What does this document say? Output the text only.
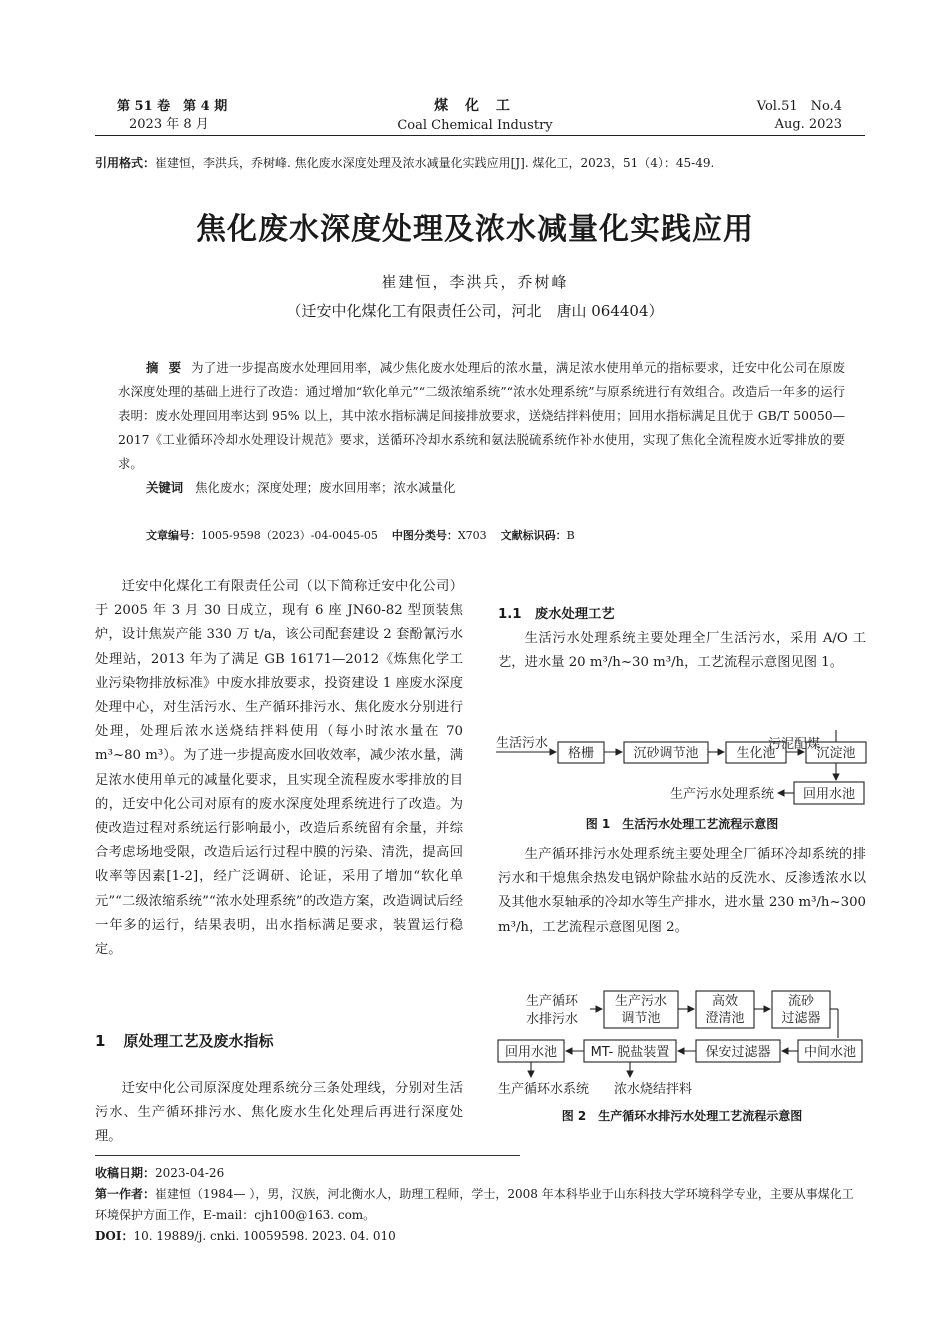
第 51 卷　第 4 期
2023 年 8 月
煤 化 工
Coal Chemical Industry
Vol.51　No.4
Aug. 2023
引用格式：崔建恒，李洪兵，乔树峰. 焦化废水深度处理及浓水减量化实践应用[J]. 煤化工，2023，51（4）：45-49.
焦化废水深度处理及浓水减量化实践应用
崔建恒，李洪兵，乔树峰
（迁安中化煤化工有限责任公司，河北　唐山 064404）
摘要为了进一步提高废水处理回用率，减少焦化废水处理后的浓水量，满足浓水使用单元的指标要求，迁安中化公司在原废水深度处理的基础上进行了改造：通过增加“软化单元”“二级浓缩系统”“浓水处理系统”与原系统进行有效组合。改造后一年多的运行表明：废水处理回用率达到 95% 以上，其中浓水指标满足间接排放要求，送烧结拌料使用；回用水指标满足且优于 GB/T 50050—2017《工业循环冷却水处理设计规范》要求，送循环冷却水系统和氨法脱硫系统作补水使用，实现了焦化全流程废水近零排放的要求。
关键词 焦化废水；深度处理；废水回用率；浓水减量化
文章编号：1005-9598（2023）-04-0045-05 中图分类号：X703 文献标识码：B

迁安中化煤化工有限责任公司（以下简称迁安中化公司）于 2005 年 3 月 30 日成立，现有 6 座 JN60-82 型顶装焦炉，设计焦炭产能 330 万 t/a，该公司配套建设 2 套酚氰污水处理站，2013 年为了满足 GB 16171—2012《炼焦化学工业污染物排放标准》中废水排放要求，投资建设 1 座废水深度处理中心，对生活污水、生产循环排污水、焦化废水分别进行处理，处理后浓水送烧结拌料使用（每小时浓水量在 70 m³~80 m³）。为了进一步提高废水回收效率，减少浓水量，满足浓水使用单元的减量化要求，且实现全流程废水零排放的目的，迁安中化公司对原有的废水深度处理系统进行了改造。为使改造过程对系统运行影响最小，改造后系统留有余量，并综合考虑场地受限，改造后运行过程中膜的污染、清洗，提高回收率等因素[1-2]，经广泛调研、论证，采用了增加“软化单元”“二级浓缩系统”“浓水处理系统”的改造方案，改造调试后经一年多的运行，结果表明，出水指标满足要求，装置运行稳定。

1 原处理工艺及废水指标

迁安中化公司原深度处理系统分三条处理线，分别对生活污水、生产循环排污水、焦化废水生化处理后再进行深度处理。

1.1　废水处理工艺

生活污水处理系统主要处理全厂生活污水，采用 A/O 工艺，进水量 20 m³/h~30 m³/h，工艺流程示意图见图 1。

污泥配煤
生活污水
格栅	沉砂调节池	生化池	沉淀池
回用水池
生产污水处理系统
图 1　生活污水处理工艺流程示意图

生产循环排污水处理系统主要处理全厂循环冷却系统的排污水和干熄焦余热发电锅炉除盐水站的反洗水、反渗透浓水以及其他水泵轴承的冷却水等生产排水，进水量 230 m³/h~300 m³/h，工艺流程示意图见图 2。

生产循环
水排污水
生产污水
调节池
高效
澄清池
流砂
过滤器
中间水池
保安过滤器
MT- 脱盐装置
回用水池
生产循环水系统 浓水烧结拌料
图 2　生产循环水排污水处理工艺流程示意图
收稿日期：2023-04-26
第一作者：崔建恒（1984— ），男，汉族，河北衡水人，助理工程师，学士，2008 年本科毕业于山东科技大学环境科学专业，主要从事煤化工环境保护方面工作，E-mail：cjh100@163. com。
DOI：10. 19889/j. cnki. 10059598. 2023. 04. 010
